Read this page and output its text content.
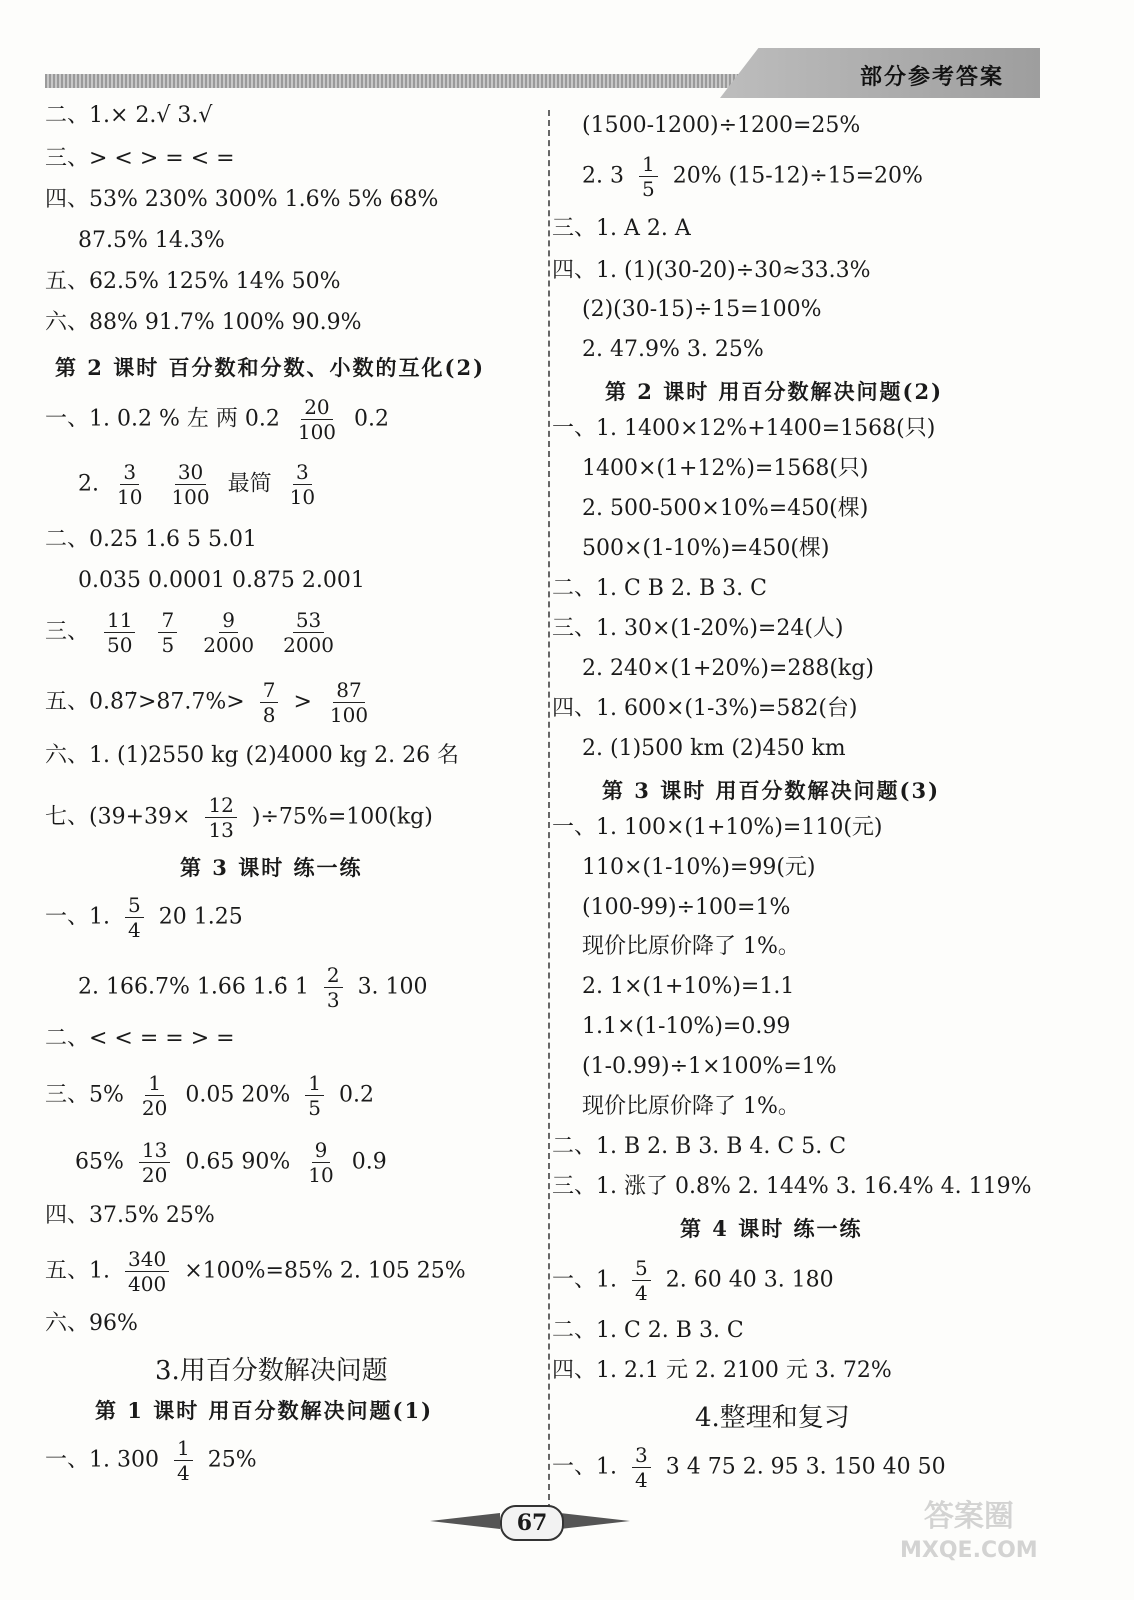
部分参考答案
二、1.× 2.√ 3.√
三、> < > = < =
四、53% 230% 300% 1.6% 5% 68%
87.5% 14.3%
五、62.5% 125% 14% 50%
六、88% 91.7% 100% 90.9%
第 2 课时 百分数和分数、小数的互化(2)
一、1. 0.2 % 左 两 $0.2 \frac{20}{100} 0.2$
2. $\frac{3}{10}$
$\frac{30}{100}$ 最简 $\frac{3}{10}$
二、0.25 1.6 5 5.01
0.035 0.0001 0.875 2.001
三、 $\frac{11}{50}$
$\frac{7}{5}$
$\frac{9}{2000}$
$\frac{53}{2000}$
五、0.8̇7̇>87.7%> $\frac{7}{8} > \frac{87}{100}$
六、1. (1)2550 kg (2)4000 kg 2. 26 名
七、$(39+39\times \frac{12}{13} )\div 75\%=100(kg)$
第 3 课时 练一练
一、1. $\frac{5}{4} 20$ 1.25
2. 166.7% 1.66 1.6̇ $1 \frac{2}{3} 3$. 100
二、< < = = > =
三、$5\% \frac{1}{20} 0.05$ $20\% \frac{1}{5} 0.2$
$65\% \frac{13}{20} 0.65$ $90\% \frac{9}{10} 0.9$
四、37.5% 25%
五、1. $\frac{340}{400} \times 100\%=85\%$ 2. 105 25%
六、96%
3.用百分数解决问题
第 1 课时 用百分数解决问题(1)
一、1. $300 \frac{1}{4} 25\%$
(1500-1200)÷1200=25%
2. $3 \frac{1}{5} 20\%$ (15-12)÷15=20%
三、1. A 2. A
四、1. (1)(30-20)÷30≈33.3%
(2)(30-15)÷15=100%
2. 47.9% 3. 25%
第 2 课时 用百分数解决问题(2)
一、1. 1400×12%+1400=1568(只)
1400×(1+12%)=1568(只)
2. 500-500×10%=450(棵)
500×(1-10%)=450(棵)
二、1. C B 2. B 3. C
三、1. 30×(1-20%)=24(人)
2. 240×(1+20%)=288(kg)
四、1. 600×(1-3%)=582(台)
2. (1)500 km (2)450 km
第 3 课时 用百分数解决问题(3)
一、1. 100×(1+10%)=110(元)
110×(1-10%)=99(元)
(100-99)÷100=1%
现价比原价降了 1%。
2. 1×(1+10%)=1.1
1.1×(1-10%)=0.99
(1-0.99)÷1×100%=1%
现价比原价降了 1%。
二、1. B 2. B 3. B 4. C 5. C
三、1. 涨了 0.8% 2. 144% 3. 16.4% 4. 119%
第 4 课时 练一练
一、1. $\frac{5}{4} 2$. 60 40 3. 180
二、1. C 2. B 3. C
四、1. 2.1 元 2. 2100 元 3. 72%
4.整理和复习
一、1. $\frac{3}{4} 3$ 4 75 2. 95 3. 150 40 50
67	答案圈
MXQE.COM
